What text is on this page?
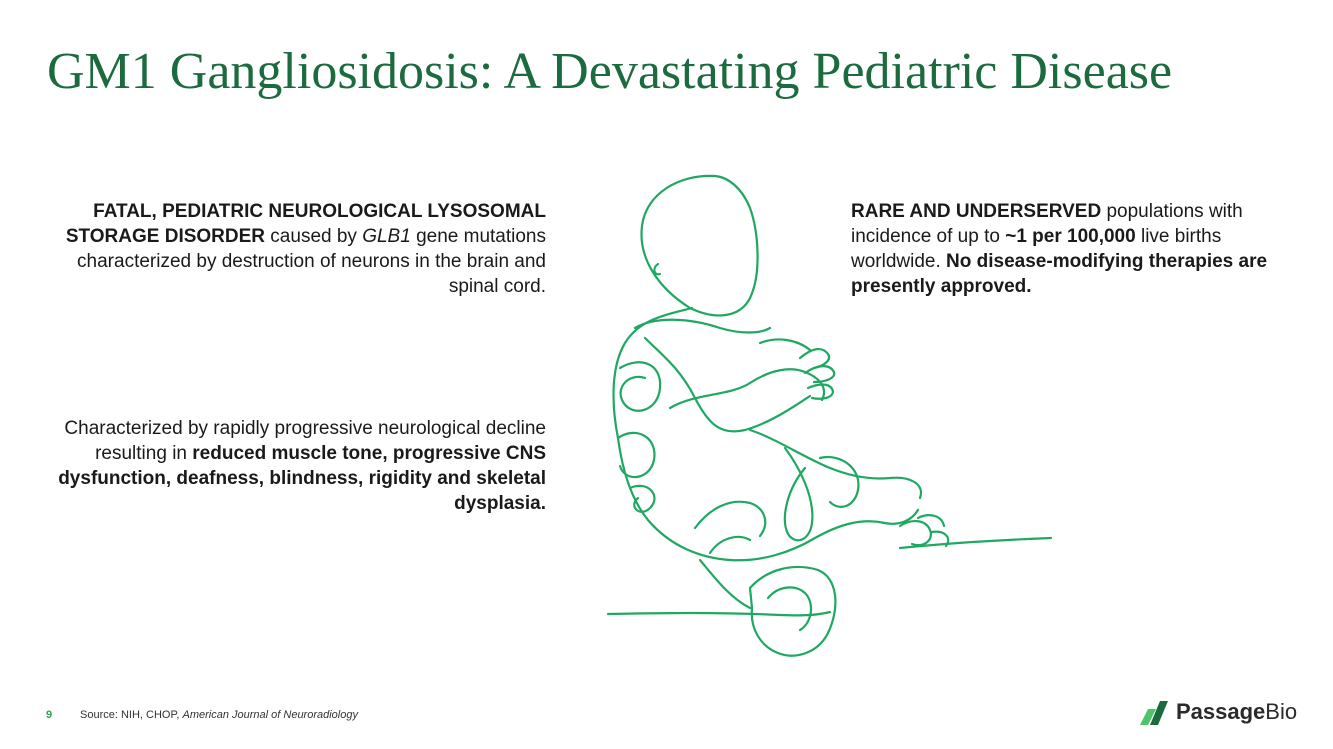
GM1 Gangliosidosis: A Devastating Pediatric Disease
FATAL, PEDIATRIC NEUROLOGICAL LYSOSOMAL STORAGE DISORDER caused by GLB1 gene mutations characterized by destruction of neurons in the brain and spinal cord.
Characterized by rapidly progressive neurological decline resulting in reduced muscle tone, progressive CNS dysfunction, deafness, blindness, rigidity and skeletal dysplasia.
RARE AND UNDERSERVED populations with incidence of up to ~1 per 100,000 live births worldwide. No disease-modifying therapies are presently approved.
9	Source: NIH, CHOP, American Journal of Neuroradiology	PassageBio
